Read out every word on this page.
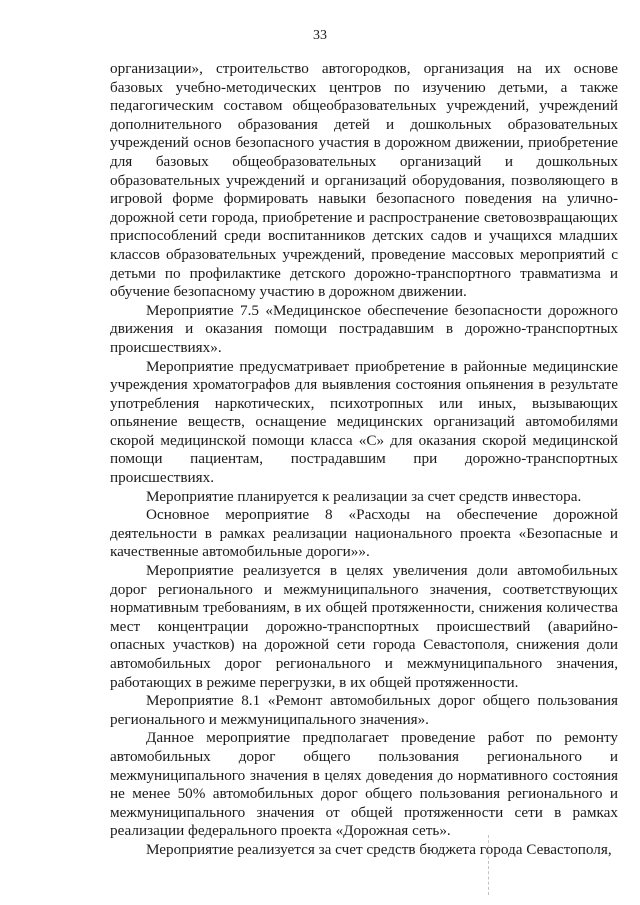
33

организации», строительство автогородков, организация на их основе базовых учебно-методических центров по изучению детьми, а также педагогическим составом общеобразовательных учреждений, учреждений дополнительного образования детей и дошкольных образовательных учреждений основ безопасного участия в дорожном движении, приобретение для базовых общеобразовательных организаций и дошкольных образовательных учреждений и организаций оборудования, позволяющего в игровой форме формировать навыки безопасного поведения на улично-дорожной сети города, приобретение и распространение световозвращающих приспособлений среди воспитанников детских садов и учащихся младших классов образовательных учреждений, проведение массовых мероприятий с детьми по профилактике детского дорожно-транспортного травматизма и обучение безопасному участию в дорожном движении.

Мероприятие 7.5 «Медицинское обеспечение безопасности дорожного движения и оказания помощи пострадавшим в дорожно-транспортных происшествиях».

Мероприятие предусматривает приобретение в районные медицинские учреждения хроматографов для выявления состояния опьянения в результате употребления наркотических, психотропных или иных, вызывающих опьянение веществ, оснащение медицинских организаций автомобилями скорой медицинской помощи класса «С» для оказания скорой медицинской помощи пациентам, пострадавшим при дорожно-транспортных происшествиях.

Мероприятие планируется к реализации за счет средств инвестора.

Основное мероприятие 8 «Расходы на обеспечение дорожной деятельности в рамках реализации национального проекта «Безопасные и качественные автомобильные дороги»».

Мероприятие реализуется в целях увеличения доли автомобильных дорог регионального и межмуниципального значения, соответствующих нормативным требованиям, в их общей протяженности, снижения количества мест концентрации дорожно-транспортных происшествий (аварийно-опасных участков) на дорожной сети города Севастополя, снижения доли автомобильных дорог регионального и межмуниципального значения, работающих в режиме перегрузки, в их общей протяженности.

Мероприятие 8.1 «Ремонт автомобильных дорог общего пользования регионального и межмуниципального значения».

Данное мероприятие предполагает проведение работ по ремонту автомобильных дорог общего пользования регионального и межмуниципального значения в целях доведения до нормативного состояния не менее 50% автомобильных дорог общего пользования регионального и межмуниципального значения от общей протяженности сети в рамках реализации федерального проекта «Дорожная сеть».

Мероприятие реализуется за счет средств бюджета города Севастополя,
